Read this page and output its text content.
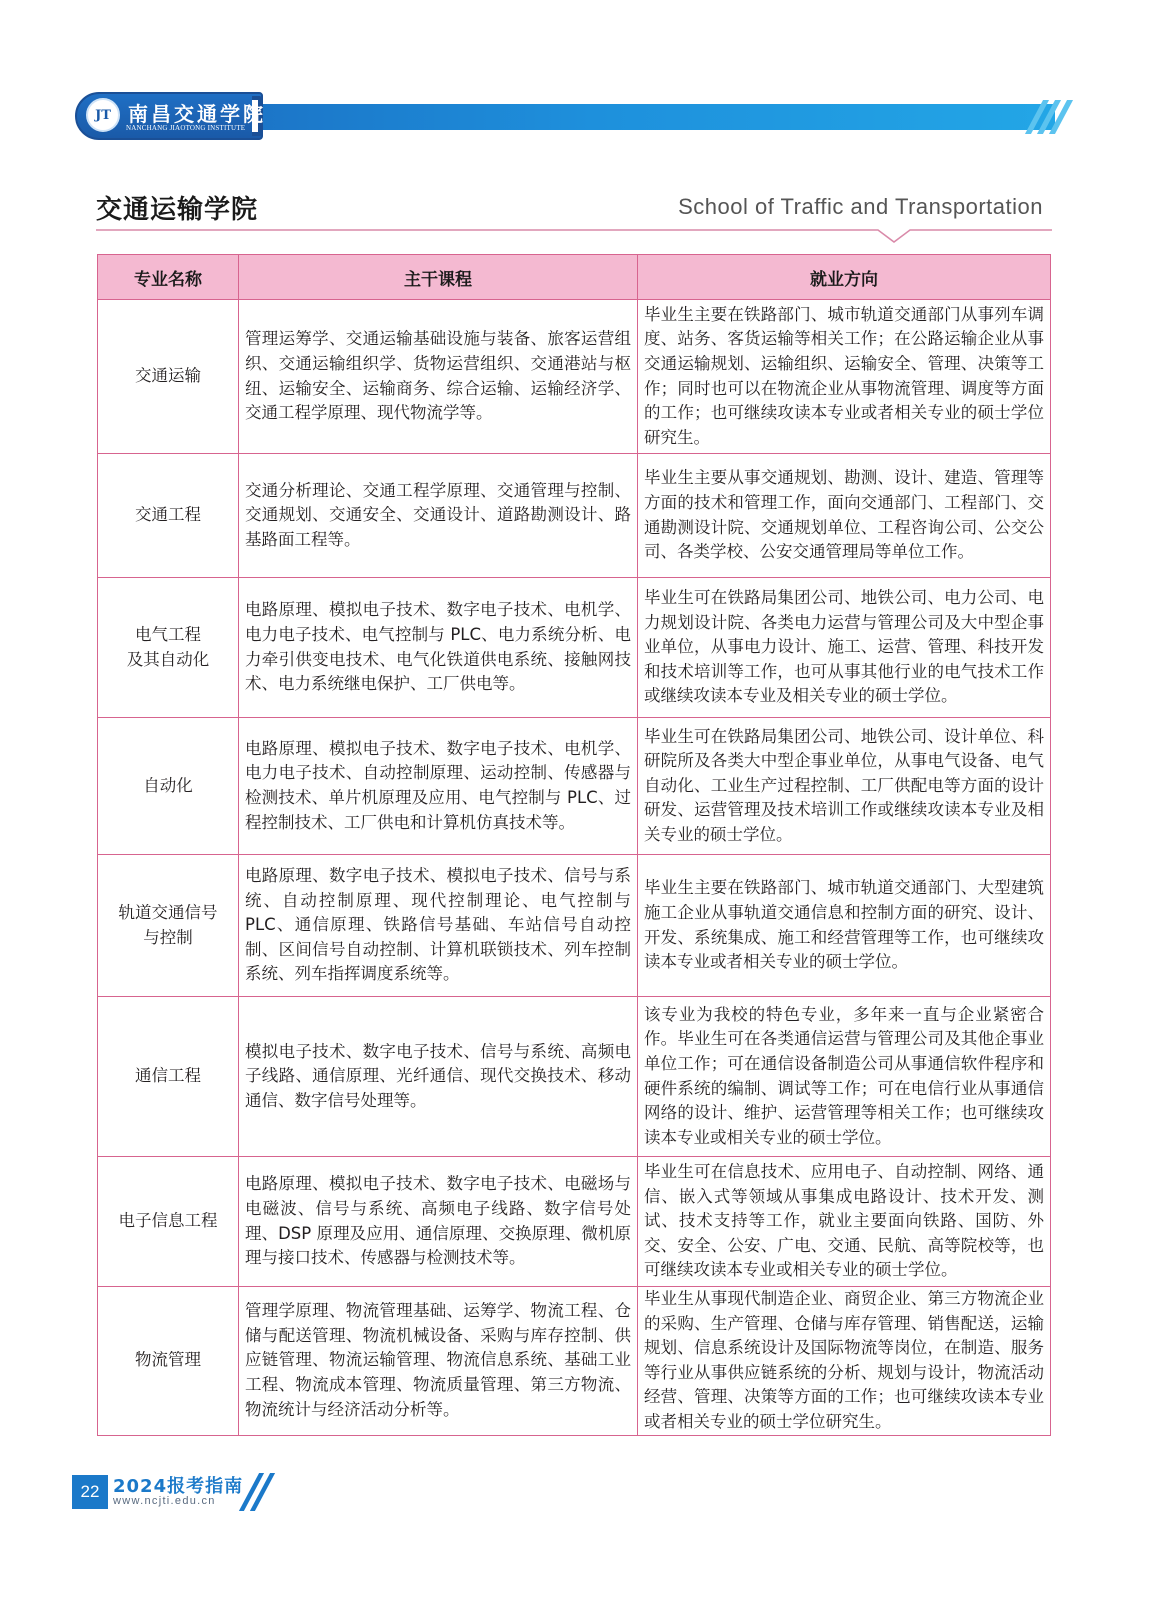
JT 南昌交通学院
NANCHANG JIAOTONG INSTITUTE
交通运输学院	School of Traffic and Transportation
专业名称	主干课程	就业方向

交通运输	管理运筹学、交通运输基础设施与装备、旅客运营组织、交通运输组织学、货物运营组织、交通港站与枢纽、运输安全、运输商务、综合运输、运输经济学、交通工程学原理、现代物流学等。	毕业生主要在铁路部门、城市轨道交通部门从事列车调度、站务、客货运输等相关工作；在公路运输企业从事交通运输规划、运输组织、运输安全、管理、决策等工作；同时也可以在物流企业从事物流管理、调度等方面的工作；也可继续攻读本专业或者相关专业的硕士学位研究生。

交通工程	交通分析理论、交通工程学原理、交通管理与控制、交通规划、交通安全、交通设计、道路勘测设计、路基路面工程等。	毕业生主要从事交通规划、勘测、设计、建造、管理等方面的技术和管理工作，面向交通部门、工程部门、交通勘测设计院、交通规划单位、工程咨询公司、公交公司、各类学校、公安交通管理局等单位工作。

电气工程
及其自动化	电路原理、模拟电子技术、数字电子技术、电机学、电力电子技术、电气控制与 PLC、电力系统分析、电力牵引供变电技术、电气化铁道供电系统、接触网技术、电力系统继电保护、工厂供电等。	毕业生可在铁路局集团公司、地铁公司、电力公司、电力规划设计院、各类电力运营与管理公司及大中型企事业单位，从事电力设计、施工、运营、管理、科技开发和技术培训等工作，也可从事其他行业的电气技术工作或继续攻读本专业及相关专业的硕士学位。

自动化	电路原理、模拟电子技术、数字电子技术、电机学、电力电子技术、自动控制原理、运动控制、传感器与检测技术、单片机原理及应用、电气控制与 PLC、过程控制技术、工厂供电和计算机仿真技术等。	毕业生可在铁路局集团公司、地铁公司、设计单位、科研院所及各类大中型企事业单位，从事电气设备、电气自动化、工业生产过程控制、工厂供配电等方面的设计研发、运营管理及技术培训工作或继续攻读本专业及相关专业的硕士学位。

轨道交通信号
与控制	电路原理、数字电子技术、模拟电子技术、信号与系统、自动控制原理、现代控制理论、电气控制与 PLC、通信原理、铁路信号基础、车站信号自动控制、区间信号自动控制、计算机联锁技术、列车控制系统、列车指挥调度系统等。	毕业生主要在铁路部门、城市轨道交通部门、大型建筑施工企业从事轨道交通信息和控制方面的研究、设计、开发、系统集成、施工和经营管理等工作，也可继续攻读本专业或者相关专业的硕士学位。

通信工程	模拟电子技术、数字电子技术、信号与系统、高频电子线路、通信原理、光纤通信、现代交换技术、移动通信、数字信号处理等。	该专业为我校的特色专业，多年来一直与企业紧密合作。毕业生可在各类通信运营与管理公司及其他企事业单位工作；可在通信设备制造公司从事通信软件程序和硬件系统的编制、调试等工作；可在电信行业从事通信网络的设计、维护、运营管理等相关工作；也可继续攻读本专业或相关专业的硕士学位。

电子信息工程	电路原理、模拟电子技术、数字电子技术、电磁场与电磁波、信号与系统、高频电子线路、数字信号处理、DSP 原理及应用、通信原理、交换原理、微机原理与接口技术、传感器与检测技术等。	毕业生可在信息技术、应用电子、自动控制、网络、通信、嵌入式等领域从事集成电路设计、技术开发、测试、技术支持等工作，就业主要面向铁路、国防、外交、安全、公安、广电、交通、民航、高等院校等，也可继续攻读本专业或相关专业的硕士学位。

物流管理	管理学原理、物流管理基础、运筹学、物流工程、仓储与配送管理、物流机械设备、采购与库存控制、供应链管理、物流运输管理、物流信息系统、基础工业工程、物流成本管理、物流质量管理、第三方物流、物流统计与经济活动分析等。	毕业生从事现代制造企业、商贸企业、第三方物流企业的采购、生产管理、仓储与库存管理、销售配送，运输规划、信息系统设计及国际物流等岗位，在制造、服务等行业从事供应链系统的分析、规划与设计，物流活动经营、管理、决策等方面的工作；也可继续攻读本专业或者相关专业的硕士学位研究生。
22 2024报考指南
www.ncjti.edu.cn
